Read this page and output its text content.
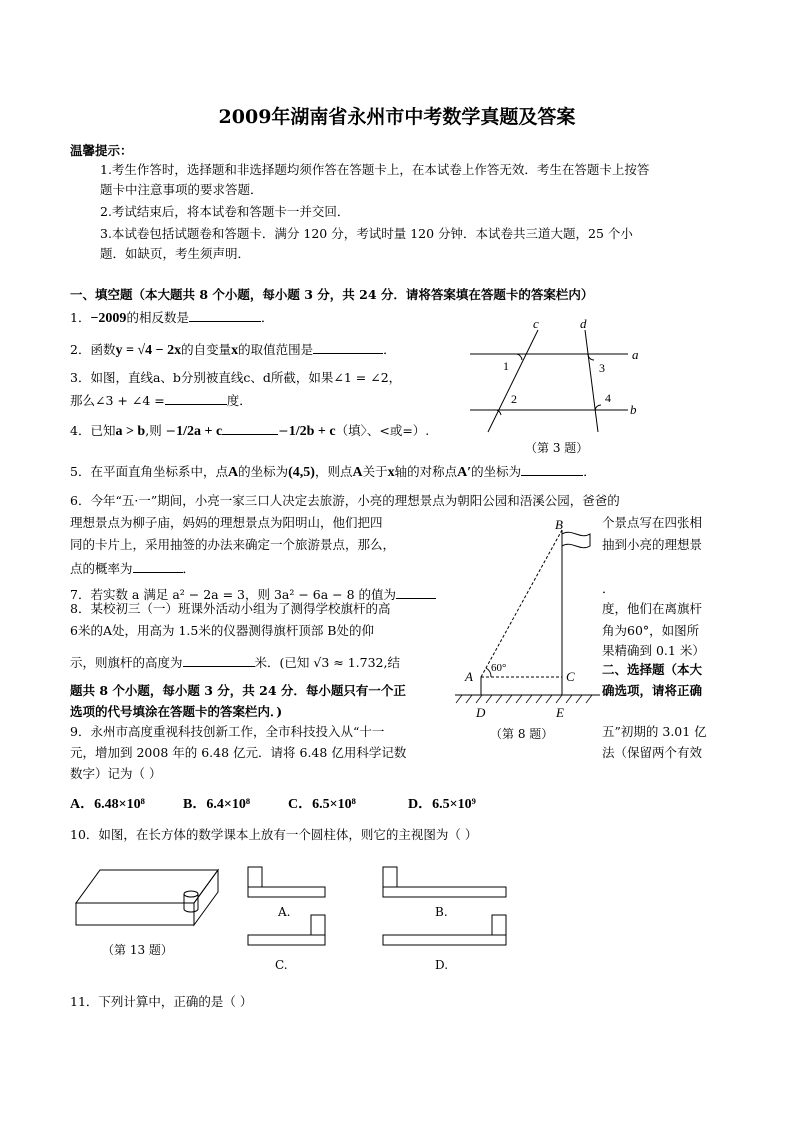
2009年湖南省永州市中考数学真题及答案
温馨提示：
1.考生作答时，选择题和非选择题均须作答在答题卡上，在本试卷上作答无效．考生在答题卡上按答
题卡中注意事项的要求答题．
2.考试结束后，将本试卷和答题卡一并交回．
3.本试卷包括试题卷和答题卡．满分 120 分，考试时量 120 分钟．本试卷共三道大题，25 个小
题．如缺页，考生须声明．
一、填空题（本大题共 8 个小题，每小题 3 分，共 24 分．请将答案填在答题卡的答案栏内）
1．−2009的相反数是	．
2．函数y = √4 − 2x的自变量x的取值范围是	．
3．如图，直线a、b分别被直线c、d所截，如果∠1 = ∠2，
那么∠3 + ∠4 =	度．
4．已知a > b,则 −1/2a + c	−1/2b + c（填〉、<或=）.
5．在平面直角坐标系中，点A的坐标为(4,5)，则点A关于x轴的对称点A′的坐标为	．
6．今年“五·一”期间，小亮一家三口人决定去旅游，小亮的理想景点为朝阳公园和浯溪公园，爸爸的
理想景点为柳子庙，妈妈的理想景点为阳明山，他们把四	个景点写在四张相
同的卡片上，采用抽签的办法来确定一个旅游景点，那么，	抽到小亮的理想景
点的概率为	．
7．若实数 a 满足 a² − 2a = 3，则 3a² − 6a − 8 的值为	．
8．某校初三（一）班课外活动小组为了测得学校旗杆的高	度，他们在离旗杆
6米的A处，用高为 1.5米的仪器测得旗杆顶部 B处的仰	角为60°，如图所
果精确到 0.1 米）
示，则旗杆的高度为	米．(已知 √3 ≈ 1.732,结	二、选择题（本大
题共 8 个小题，每小题 3 分，共 24 分．每小题只有一个正	确选项，请将正确
选项的代号填涂在答题卡的答案栏内．)
9．永州市高度重视科技创新工作，全市科技投入从“十一	五”初期的 3.01 亿
元，增加到 2008 年的 6.48 亿元．请将 6.48 亿用科学记数	法（保留两个有效
数字）记为（ ）
A．6.48×10⁸	B．6.4×10⁸	C．6.5×10⁸	D．6.5×10⁹
10．如图，在长方体的数学课本上放有一个圆柱体，则它的主视图为（ ）
11．下列计算中，正确的是（ ）
c	d
a
b
1
2
3
4
（第 3 题）
B
A	C
D	E
60°
（第 8 题）
（第 13 题）
A.	B.
C.	D.
